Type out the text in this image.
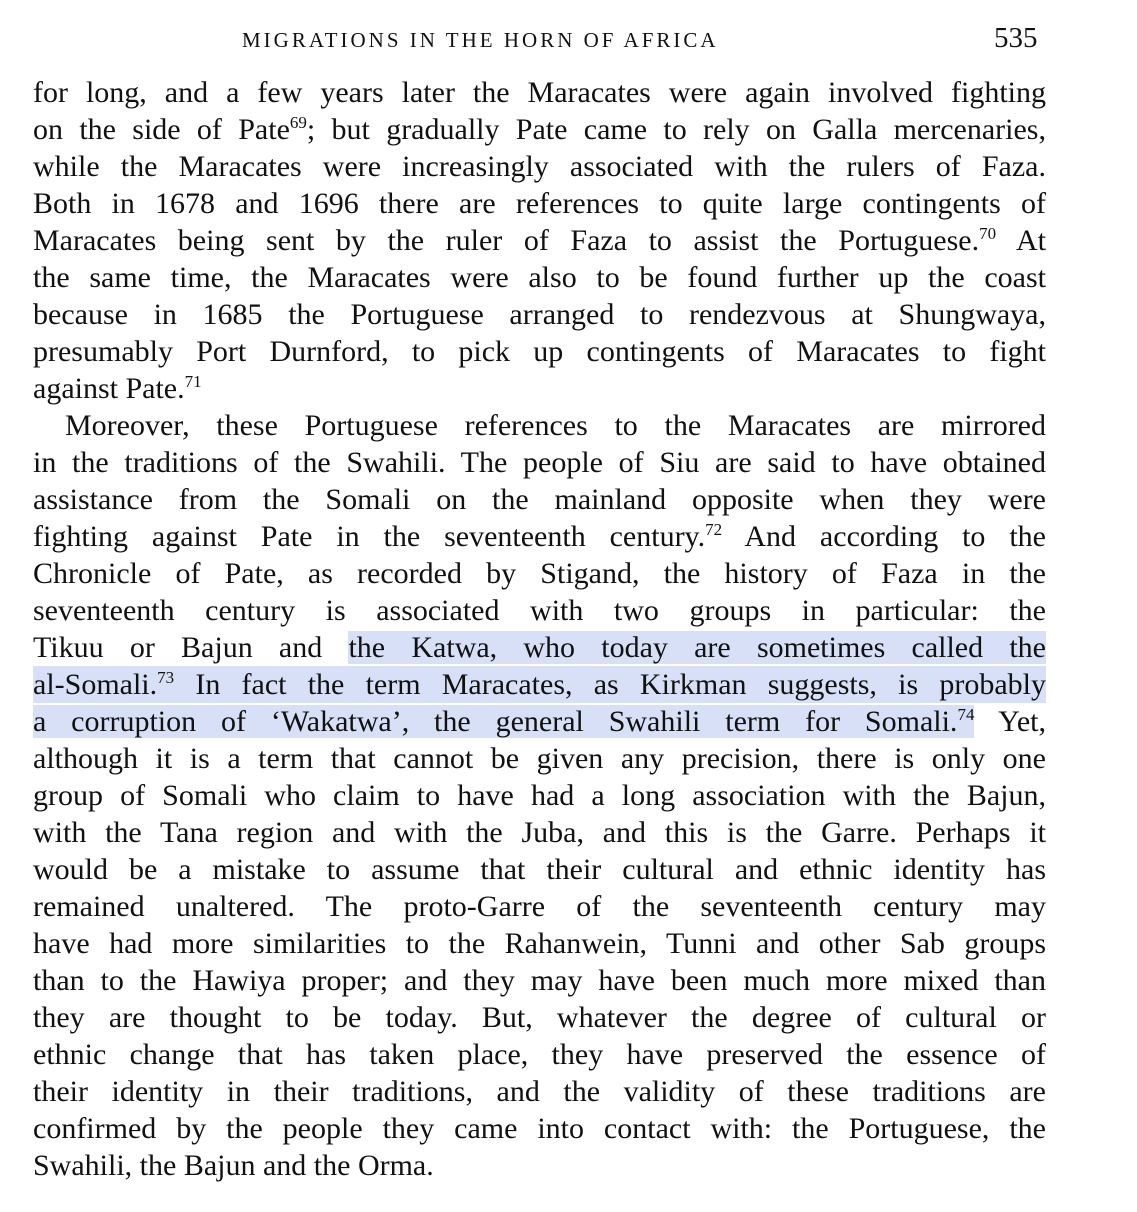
MIGRATIONS IN THE HORN OF AFRICA	535
for long, and a few years later the Maracates were again involved fighting
on the side of Pate$^{69}$; but gradually Pate came to rely on Galla mercenaries,
while the Maracates were increasingly associated with the rulers of Faza.
Both in 1678 and 1696 there are references to quite large contingents of
Maracates being sent by the ruler of Faza to assist the Portuguese.$^{70}$ At
the same time, the Maracates were also to be found further up the coast
because in 1685 the Portuguese arranged to rendezvous at Shungwaya,
presumably Port Durnford, to pick up contingents of Maracates to fight
against Pate.$^{71}$
Moreover, these Portuguese references to the Maracates are mirrored
in the traditions of the Swahili. The people of Siu are said to have obtained
assistance from the Somali on the mainland opposite when they were
fighting against Pate in the seventeenth century.$^{72}$ And according to the
Chronicle of Pate, as recorded by Stigand, the history of Faza in the
seventeenth century is associated with two groups in particular: the
Tikuu or Bajun and the Katwa, who today are sometimes called the
al-Somali.$^{73}$ In fact the term Maracates, as Kirkman suggests, is probably
a corruption of ‘Wakatwa’, the general Swahili term for Somali.$^{74}$ Yet,
although it is a term that cannot be given any precision, there is only one
group of Somali who claim to have had a long association with the Bajun,
with the Tana region and with the Juba, and this is the Garre. Perhaps it
would be a mistake to assume that their cultural and ethnic identity has
remained unaltered. The proto-Garre of the seventeenth century may
have had more similarities to the Rahanwein, Tunni and other Sab groups
than to the Hawiya proper; and they may have been much more mixed than
they are thought to be today. But, whatever the degree of cultural or
ethnic change that has taken place, they have preserved the essence of
their identity in their traditions, and the validity of these traditions are
confirmed by the people they came into contact with: the Portuguese, the
Swahili, the Bajun and the Orma.
